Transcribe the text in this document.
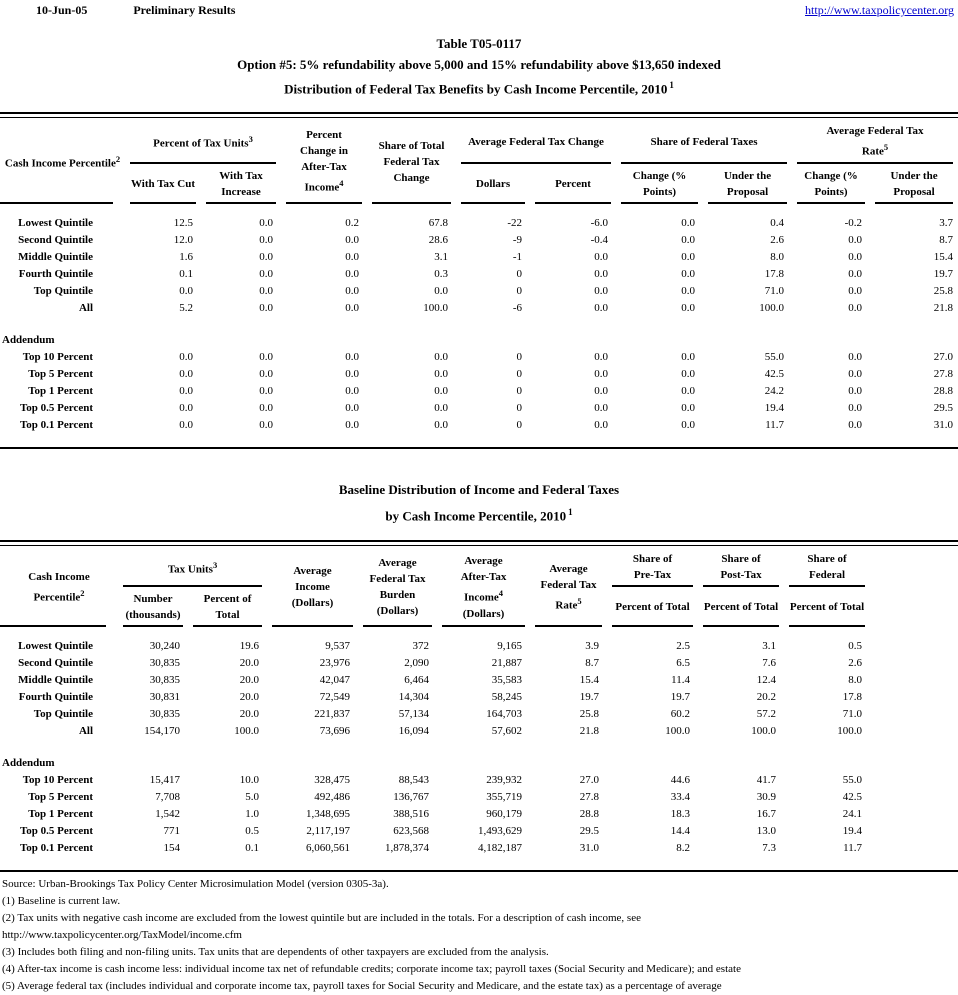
10-Jun-05	Preliminary Results	http://www.taxpolicycenter.org
Table T05-0117
Option #5: 5% refundability above 5,000 and 15% refundability above $13,650 indexed
Distribution of Federal Tax Benefits by Cash Income Percentile, 2010 $^1$
Cash Income Percentile$^2$	Percent of Tax Units$^3$		Percent Change in After-Tax Income$^4$	Share of Total Federal Tax Change	Average Federal Tax Change		Share of Federal Taxes		Average Federal Tax Rate$^5$
	With Tax Cut	With Tax Increase			Dollars	Percent	Change (% Points)	Under the Proposal	Change (% Points)	Under the Proposal
Lowest Quintile	12.5	0.0	0.2	67.8	-22	-6.0	0.0	0.4	-0.2	3.7
Second Quintile	12.0	0.0	0.0	28.6	-9	-0.4	0.0	2.6	0.0	8.7
Middle Quintile	1.6	0.0	0.0	3.1	-1	0.0	0.0	8.0	0.0	15.4
Fourth Quintile	0.1	0.0	0.0	0.3	0	0.0	0.0	17.8	0.0	19.7
Top Quintile	0.0	0.0	0.0	0.0	0	0.0	0.0	71.0	0.0	25.8
All	5.2	0.0	0.0	100.0	-6	0.0	0.0	100.0	0.0	21.8
Addendum										
Top 10 Percent	0.0	0.0	0.0	0.0	0	0.0	0.0	55.0	0.0	27.0
Top 5 Percent	0.0	0.0	0.0	0.0	0	0.0	0.0	42.5	0.0	27.8
Top 1 Percent	0.0	0.0	0.0	0.0	0	0.0	0.0	24.2	0.0	28.8
Top 0.5 Percent	0.0	0.0	0.0	0.0	0	0.0	0.0	19.4	0.0	29.5
Top 0.1 Percent	0.0	0.0	0.0	0.0	0	0.0	0.0	11.7	0.0	31.0
Baseline Distribution of Income and Federal Taxes
by Cash Income Percentile, 2010 $^1$
Cash Income Percentile$^2$	Tax Units$^3$		Average Income (Dollars)	Average Federal Tax Burden (Dollars)	Average After-Tax Income$^4$ (Dollars)	Average Federal Tax Rate$^5$	Share of Pre-Tax	Share of Post-Tax	Share of Federal	
	Number (thousands)	Percent of Total					Percent of Total	Percent of Total	Percent of Total	
Lowest Quintile	30,240	19.6	9,537	372	9,165	3.9	2.5	3.1	0.5	
Second Quintile	30,835	20.0	23,976	2,090	21,887	8.7	6.5	7.6	2.6	
Middle Quintile	30,835	20.0	42,047	6,464	35,583	15.4	11.4	12.4	8.0	
Fourth Quintile	30,831	20.0	72,549	14,304	58,245	19.7	19.7	20.2	17.8	
Top Quintile	30,835	20.0	221,837	57,134	164,703	25.8	60.2	57.2	71.0	
All	154,170	100.0	73,696	16,094	57,602	21.8	100.0	100.0	100.0	
Addendum										
Top 10 Percent	15,417	10.0	328,475	88,543	239,932	27.0	44.6	41.7	55.0	
Top 5 Percent	7,708	5.0	492,486	136,767	355,719	27.8	33.4	30.9	42.5	
Top 1 Percent	1,542	1.0	1,348,695	388,516	960,179	28.8	18.3	16.7	24.1	
Top 0.5 Percent	771	0.5	2,117,197	623,568	1,493,629	29.5	14.4	13.0	19.4	
Top 0.1 Percent	154	0.1	6,060,561	1,878,374	4,182,187	31.0	8.2	7.3	11.7	
Source: Urban-Brookings Tax Policy Center Microsimulation Model (version 0305-3a).
(1) Baseline is current law.
(2) Tax units with negative cash income are excluded from the lowest quintile but are included in the totals. For a description of cash income, see
http://www.taxpolicycenter.org/TaxModel/income.cfm
(3) Includes both filing and non-filing units. Tax units that are dependents of other taxpayers are excluded from the analysis.
(4) After-tax income is cash income less: individual income tax net of refundable credits; corporate income tax; payroll taxes (Social Security and Medicare); and estate
(5) Average federal tax (includes individual and corporate income tax, payroll taxes for Social Security and Medicare, and the estate tax) as a percentage of average
